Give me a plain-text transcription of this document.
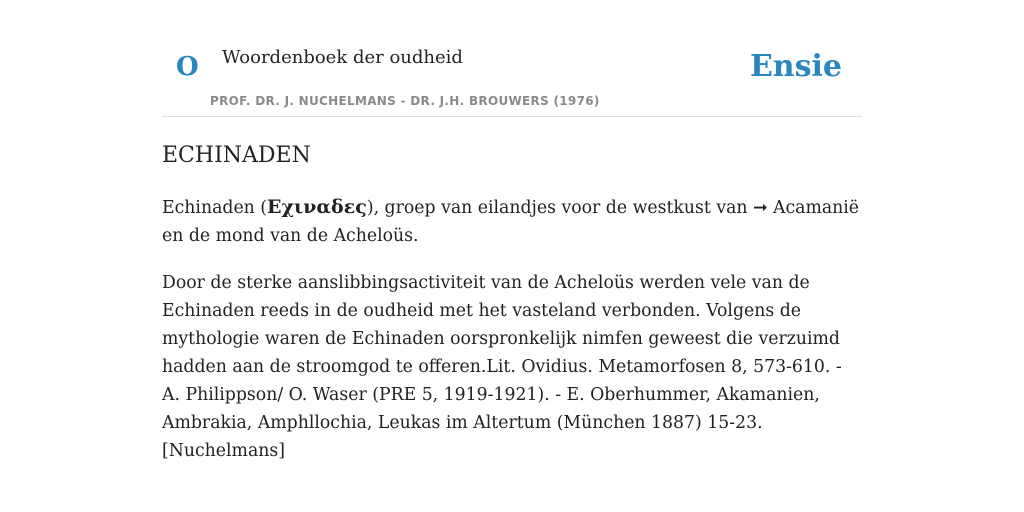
O Woordenboek der oudheid
PROF. DR. J. NUCHELMANS - DR. J.H. BROUWERS (1976)
Ensie
ECHINADEN

Echinaden (Εχιναδες), groep van eilandjes voor de westkust van ➞ Acamanië en de mond van de Acheloüs.

Door de sterke aanslibbingsactiviteit van de Acheloüs werden vele van de Echinaden reeds in de oudheid met het vasteland verbonden. Volgens de mythologie waren de Echinaden oorspronkelijk nimfen geweest die verzuimd hadden aan de stroomgod te offeren.Lit. Ovidius. Metamorfosen 8, 573-610. - A. Philippson/ O. Waser (PRE 5, 1919-1921). - E. Oberhummer, Akamanien, Ambrakia, Amphllochia, Leukas im Altertum (München 1887) 15-23. [Nuchelmans]
